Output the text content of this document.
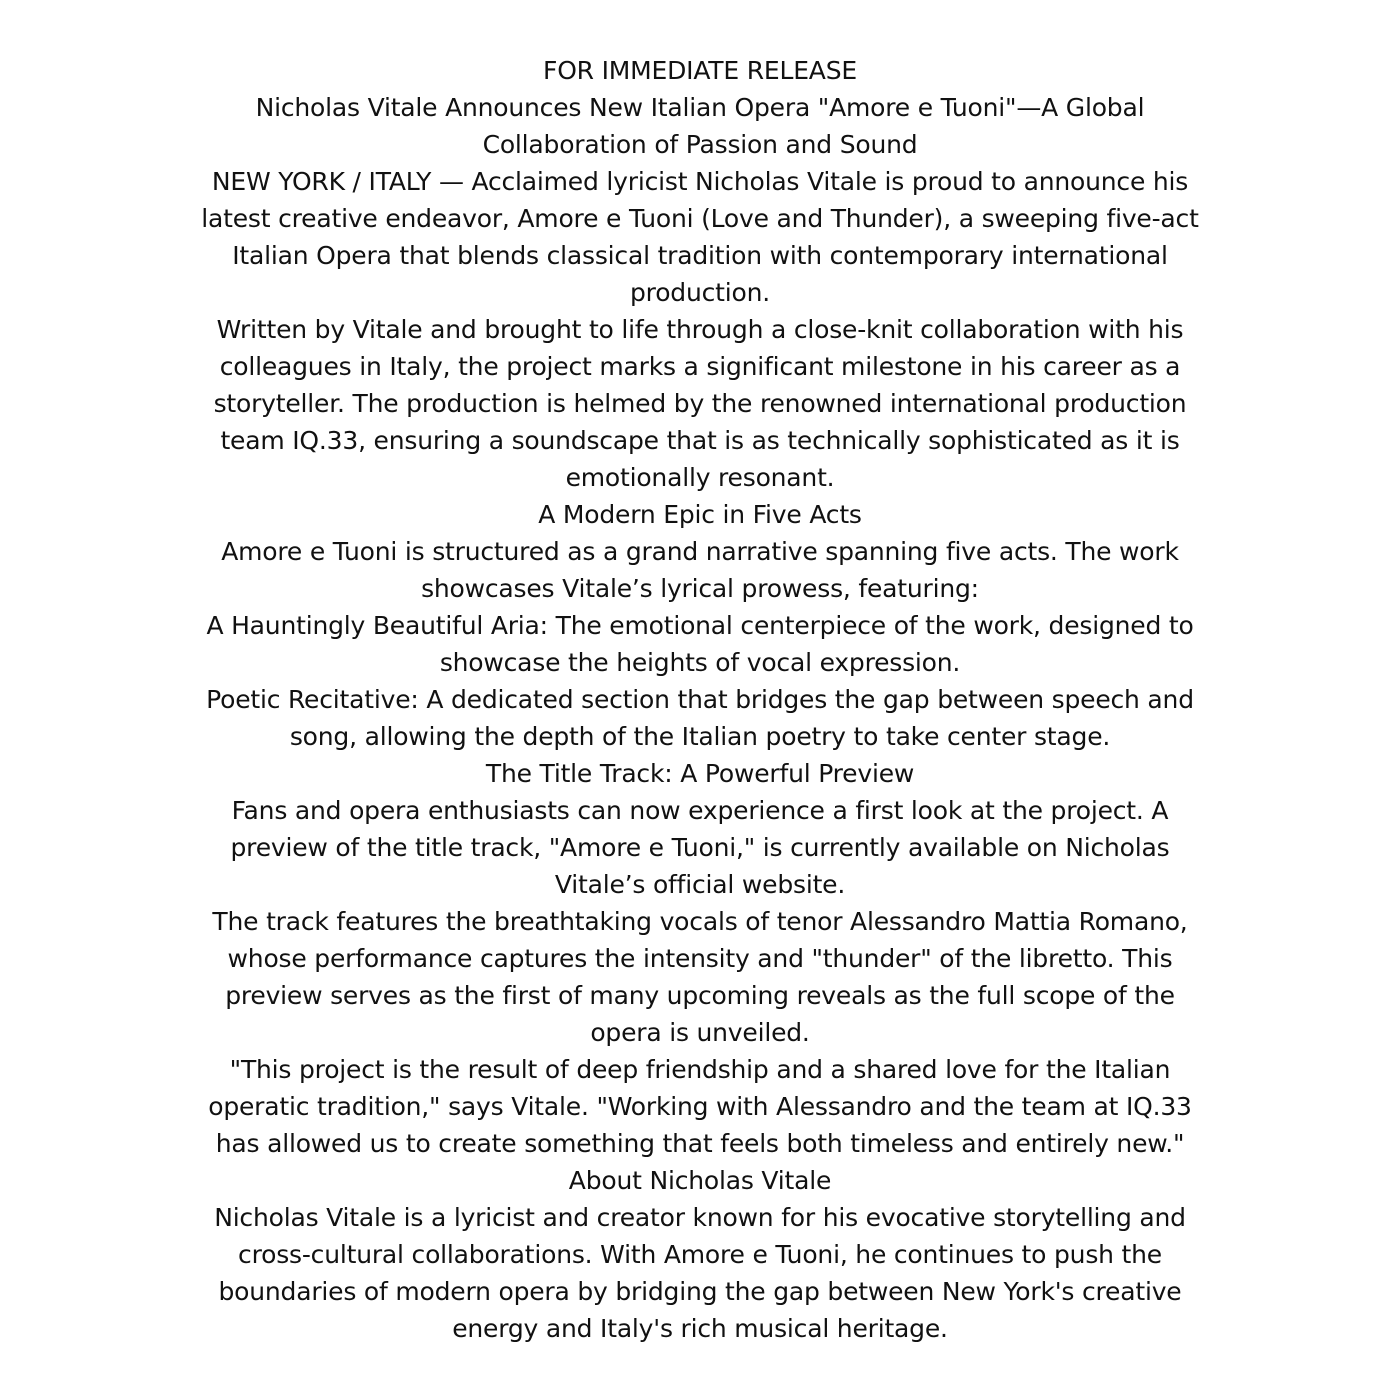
FOR IMMEDIATE RELEASE

Nicholas Vitale Announces New Italian Opera "Amore e Tuoni"—A Global Collaboration of Passion and Sound

NEW YORK / ITALY — Acclaimed lyricist Nicholas Vitale is proud to announce his latest creative endeavor, Amore e Tuoni (Love and Thunder), a sweeping five-act Italian Opera that blends classical tradition with contemporary international production.

Written by Vitale and brought to life through a close-knit collaboration with his colleagues in Italy, the project marks a significant milestone in his career as a storyteller. The production is helmed by the renowned international production team IQ.33, ensuring a soundscape that is as technically sophisticated as it is emotionally resonant.

A Modern Epic in Five Acts

Amore e Tuoni is structured as a grand narrative spanning five acts. The work showcases Vitale’s lyrical prowess, featuring:

A Hauntingly Beautiful Aria: The emotional centerpiece of the work, designed to showcase the heights of vocal expression.

Poetic Recitative: A dedicated section that bridges the gap between speech and song, allowing the depth of the Italian poetry to take center stage.

The Title Track: A Powerful Preview

Fans and opera enthusiasts can now experience a first look at the project. A preview of the title track, "Amore e Tuoni," is currently available on Nicholas Vitale’s official website.

The track features the breathtaking vocals of tenor Alessandro Mattia Romano, whose performance captures the intensity and "thunder" of the libretto. This preview serves as the first of many upcoming reveals as the full scope of the opera is unveiled.

"This project is the result of deep friendship and a shared love for the Italian operatic tradition," says Vitale. "Working with Alessandro and the team at IQ.33 has allowed us to create something that feels both timeless and entirely new."

About Nicholas Vitale

Nicholas Vitale is a lyricist and creator known for his evocative storytelling and cross-cultural collaborations. With Amore e Tuoni, he continues to push the boundaries of modern opera by bridging the gap between New York's creative energy and Italy's rich musical heritage.
